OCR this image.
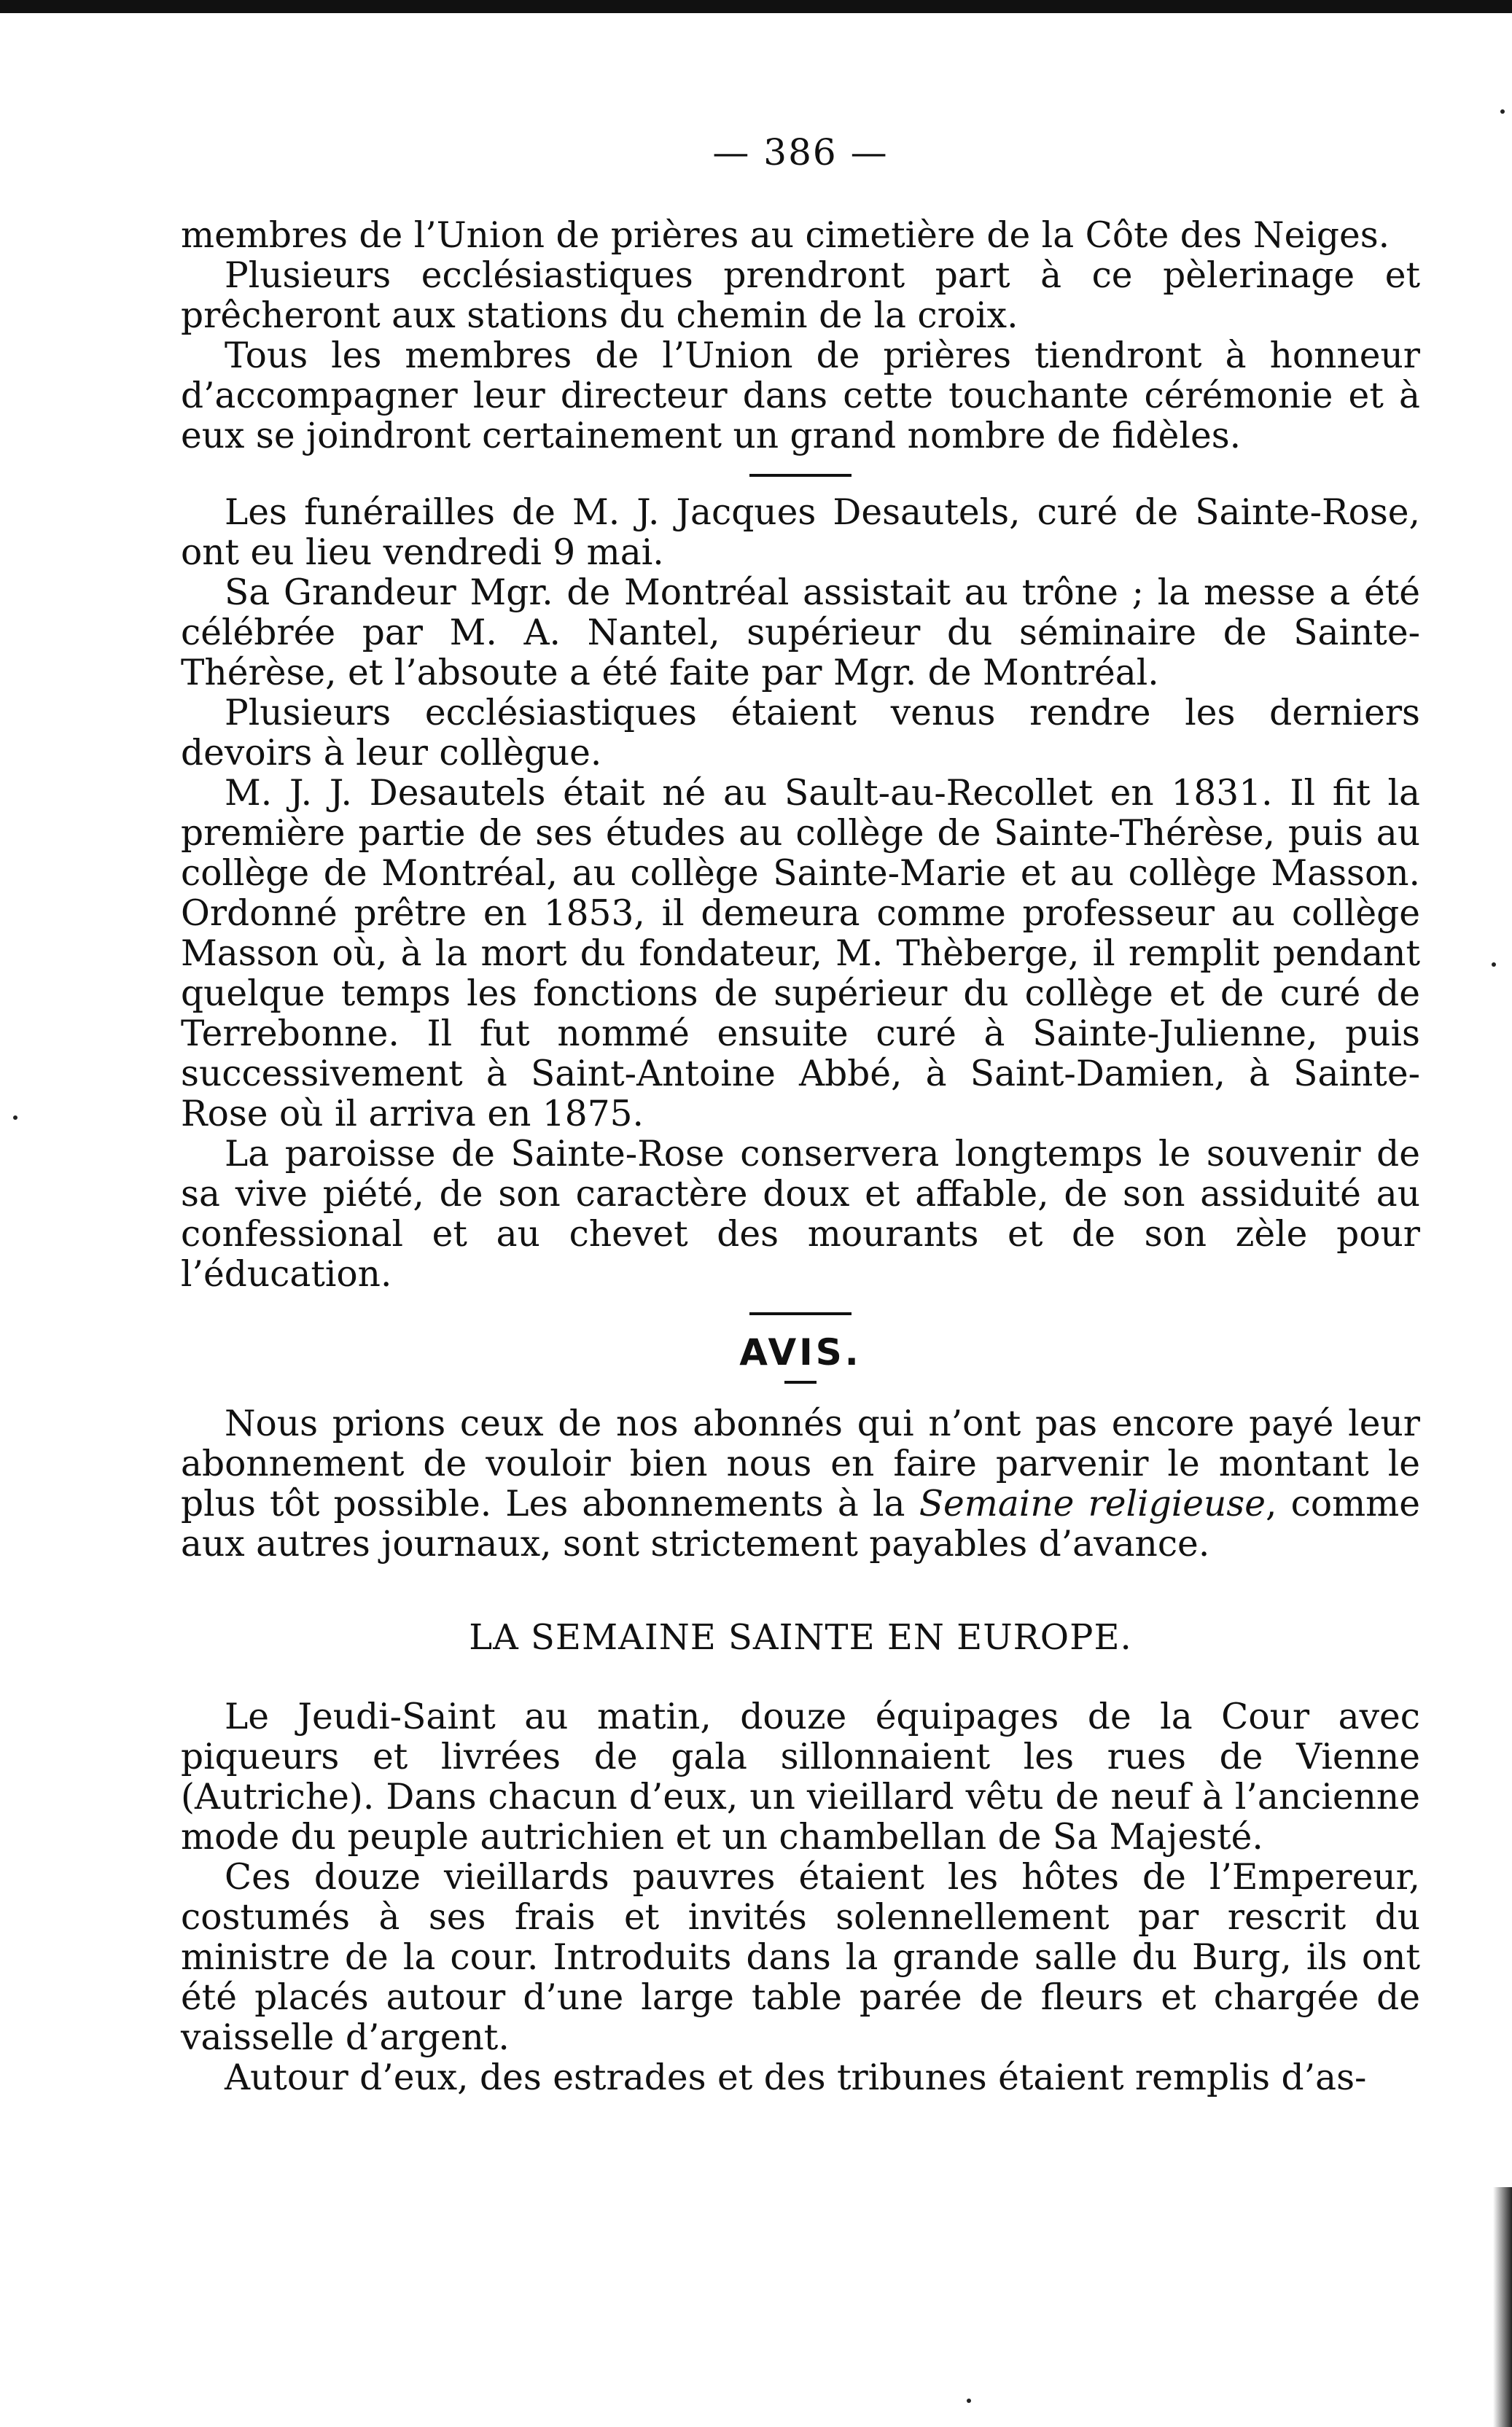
— 386 —

membres de l’Union de prières au cimetière de la Côte des Neiges.

Plusieurs ecclésiastiques prendront part à ce pèlerinage et prêcheront aux stations du chemin de la croix.

Tous les membres de l’Union de prières tiendront à honneur d’accompagner leur directeur dans cette touchante cérémonie et à eux se joindront certainement un grand nombre de fidèles.

Les funérailles de M. J. Jacques Desautels, curé de Sainte-Rose, ont eu lieu vendredi 9 mai.

Sa Grandeur Mgr. de Montréal assistait au trône ; la messe a été célébrée par M. A. Nantel, supérieur du séminaire de Sainte-Thérèse, et l’absoute a été faite par Mgr. de Montréal.

Plusieurs ecclésiastiques étaient venus rendre les derniers devoirs à leur collègue.

M. J. J. Desautels était né au Sault-au-Recollet en 1831. Il fit la première partie de ses études au collège de Sainte-Thérèse, puis au collège de Montréal, au collège Sainte-Marie et au collège Masson. Ordonné prêtre en 1853, il demeura comme professeur au collège Masson où, à la mort du fondateur, M. Thèberge, il remplit pendant quelque temps les fonctions de supérieur du collège et de curé de Terrebonne. Il fut nommé ensuite curé à Sainte-Julienne, puis successivement à Saint-Antoine Abbé, à Saint-Damien, à Sainte-Rose où il arriva en 1875.

La paroisse de Sainte-Rose conservera longtemps le souvenir de sa vive piété, de son caractère doux et affable, de son assiduité au confessional et au chevet des mourants et de son zèle pour l’éducation.

AVIS.

Nous prions ceux de nos abonnés qui n’ont pas encore payé leur abonnement de vouloir bien nous en faire parvenir le montant le plus tôt possible. Les abonnements à la Semaine religieuse, comme aux autres journaux, sont strictement payables d’avance.

LA SEMAINE SAINTE EN EUROPE.

Le Jeudi-Saint au matin, douze équipages de la Cour avec piqueurs et livrées de gala sillonnaient les rues de Vienne (Autriche). Dans chacun d’eux, un vieillard vêtu de neuf à l’ancienne mode du peuple autrichien et un chambellan de Sa Majesté.

Ces douze vieillards pauvres étaient les hôtes de l’Empereur, costumés à ses frais et invités solennellement par rescrit du ministre de la cour. Introduits dans la grande salle du Burg, ils ont été placés autour d’une large table parée de fleurs et chargée de vaisselle d’argent.

Autour d’eux, des estrades et des tribunes étaient remplis d’as-
